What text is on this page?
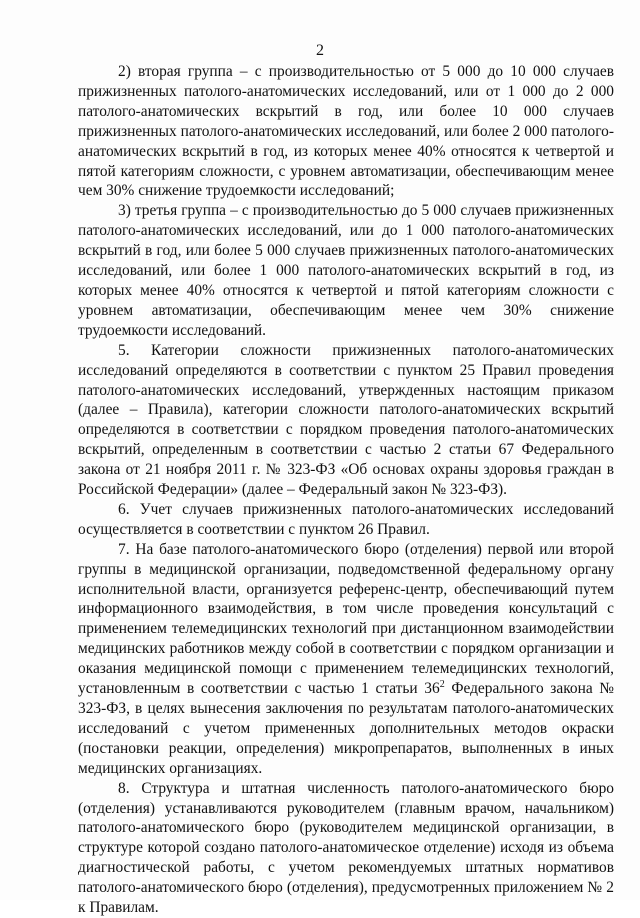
2

2) вторая группа – с производительностью от 5 000 до 10 000 случаев прижизненных патолого-анатомических исследований, или от 1 000 до 2 000 патолого-анатомических вскрытий в год, или более 10 000 случаев прижизненных патолого-анатомических исследований, или более 2 000 патолого-анатомических вскрытий в год, из которых менее 40% относятся к четвертой и пятой категориям сложности, с уровнем автоматизации, обеспечивающим менее чем 30% снижение трудоемкости исследований;

3) третья группа – с производительностью до 5 000 случаев прижизненных патолого-анатомических исследований, или до 1 000 патолого-анатомических вскрытий в год, или более 5 000 случаев прижизненных патолого-анатомических исследований, или более 1 000 патолого-анатомических вскрытий в год, из которых менее 40% относятся к четвертой и пятой категориям сложности с уровнем автоматизации, обеспечивающим менее чем 30% снижение трудоемкости исследований.

5. Категории сложности прижизненных патолого-анатомических исследований определяются в соответствии с пунктом 25 Правил проведения патолого-анатомических исследований, утвержденных настоящим приказом (далее – Правила), категории сложности патолого-анатомических вскрытий определяются в соответствии с порядком проведения патолого-анатомических вскрытий, определенным в соответствии с частью 2 статьи 67 Федерального закона от 21 ноября 2011 г. № 323-ФЗ «Об основах охраны здоровья граждан в Российской Федерации» (далее – Федеральный закон № 323-ФЗ).

6. Учет случаев прижизненных патолого-анатомических исследований осуществляется в соответствии с пунктом 26 Правил.

7. На базе патолого-анатомического бюро (отделения) первой или второй группы в медицинской организации, подведомственной федеральному органу исполнительной власти, организуется референс-центр, обеспечивающий путем информационного взаимодействия, в том числе проведения консультаций с применением телемедицинских технологий при дистанционном взаимодействии медицинских работников между собой в соответствии с порядком организации и оказания медицинской помощи с применением телемедицинских технологий, установленным в соответствии с частью 1 статьи $36^2$ Федерального закона № 323-ФЗ, в целях вынесения заключения по результатам патолого-анатомических исследований с учетом примененных дополнительных методов окраски (постановки реакции, определения) микропрепаратов, выполненных в иных медицинских организациях.

8. Структура и штатная численность патолого-анатомического бюро (отделения) устанавливаются руководителем (главным врачом, начальником) патолого-анатомического бюро (руководителем медицинской организации, в структуре которой создано патолого-анатомическое отделение) исходя из объема диагностической работы, с учетом рекомендуемых штатных нормативов патолого-анатомического бюро (отделения), предусмотренных приложением № 2 к Правилам.
